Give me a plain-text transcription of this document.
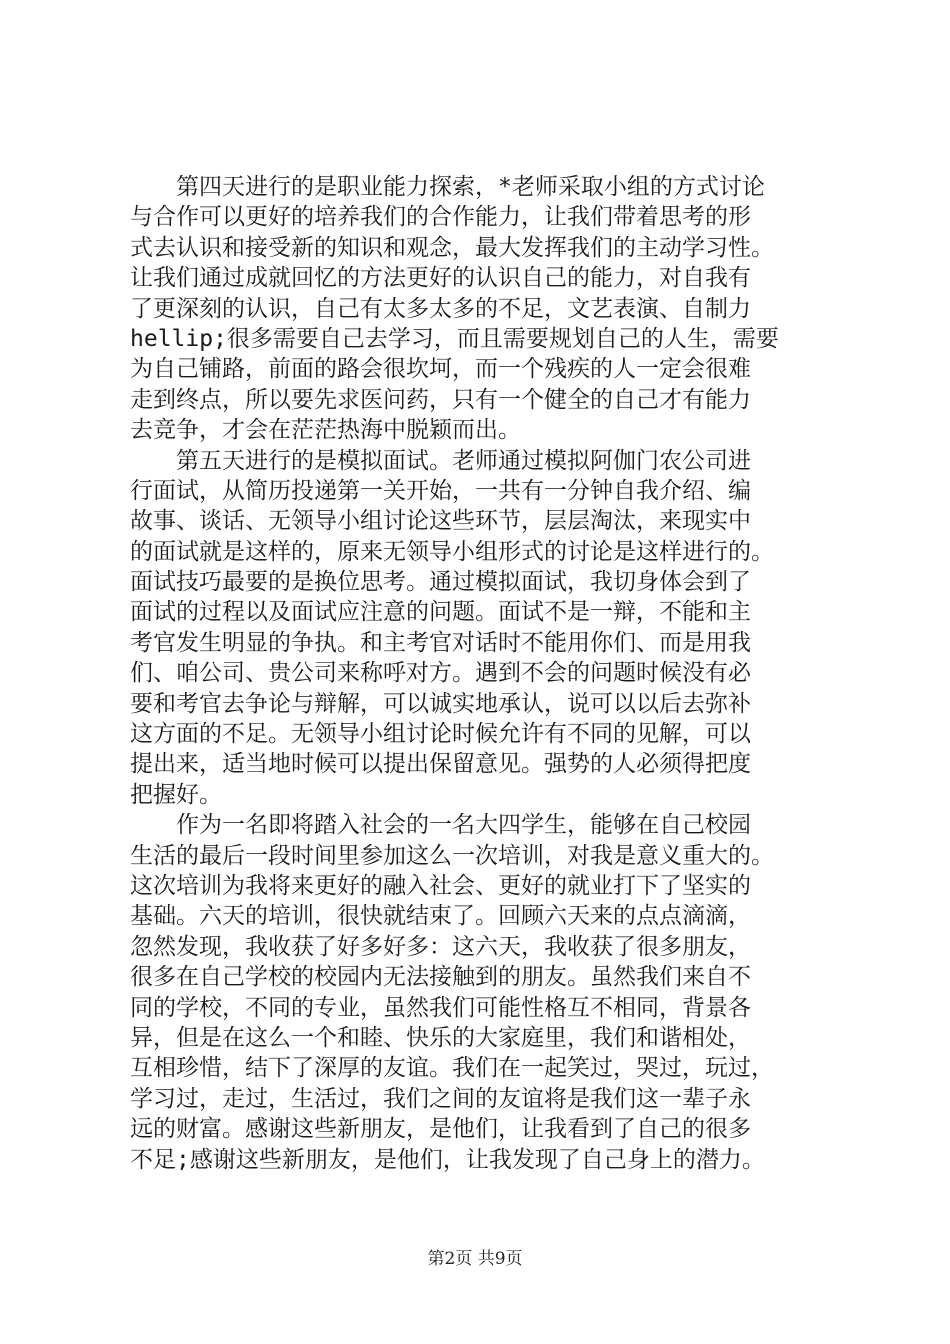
　　第四天进行的是职业能力探索，*老师采取小组的方式讨论
与合作可以更好的培养我们的合作能力，让我们带着思考的形
式去认识和接受新的知识和观念，最大发挥我们的主动学习性。
让我们通过成就回忆的方法更好的认识自己的能力，对自我有
了更深刻的认识，自己有太多太多的不足，文艺表演、自制力
hellip;很多需要自己去学习，而且需要规划自己的人生，需要
为自己铺路，前面的路会很坎坷，而一个残疾的人一定会很难
走到终点，所以要先求医问药，只有一个健全的自己才有能力
去竞争，才会在茫茫热海中脱颖而出。
　　第五天进行的是模拟面试。老师通过模拟阿伽门农公司进
行面试，从简历投递第一关开始，一共有一分钟自我介绍、编
故事、谈话、无领导小组讨论这些环节，层层淘汰，来现实中
的面试就是这样的，原来无领导小组形式的讨论是这样进行的。
面试技巧最要的是换位思考。通过模拟面试，我切身体会到了
面试的过程以及面试应注意的问题。面试不是一辩，不能和主
考官发生明显的争执。和主考官对话时不能用你们、而是用我
们、咱公司、贵公司来称呼对方。遇到不会的问题时候没有必
要和考官去争论与辩解，可以诚实地承认，说可以以后去弥补
这方面的不足。无领导小组讨论时候允许有不同的见解，可以
提出来，适当地时候可以提出保留意见。强势的人必须得把度
把握好。
　　作为一名即将踏入社会的一名大四学生，能够在自己校园
生活的最后一段时间里参加这么一次培训，对我是意义重大的。
这次培训为我将来更好的融入社会、更好的就业打下了坚实的
基础。六天的培训，很快就结束了。回顾六天来的点点滴滴，
忽然发现，我收获了好多好多：这六天，我收获了很多朋友，
很多在自己学校的校园内无法接触到的朋友。虽然我们来自不
同的学校，不同的专业，虽然我们可能性格互不相同，背景各
异，但是在这么一个和睦、快乐的大家庭里，我们和谐相处，
互相珍惜，结下了深厚的友谊。我们在一起笑过，哭过，玩过，
学习过，走过，生活过，我们之间的友谊将是我们这一辈子永
远的财富。感谢这些新朋友，是他们，让我看到了自己的很多
不足;感谢这些新朋友，是他们，让我发现了自己身上的潜力。
第2页 共9页
